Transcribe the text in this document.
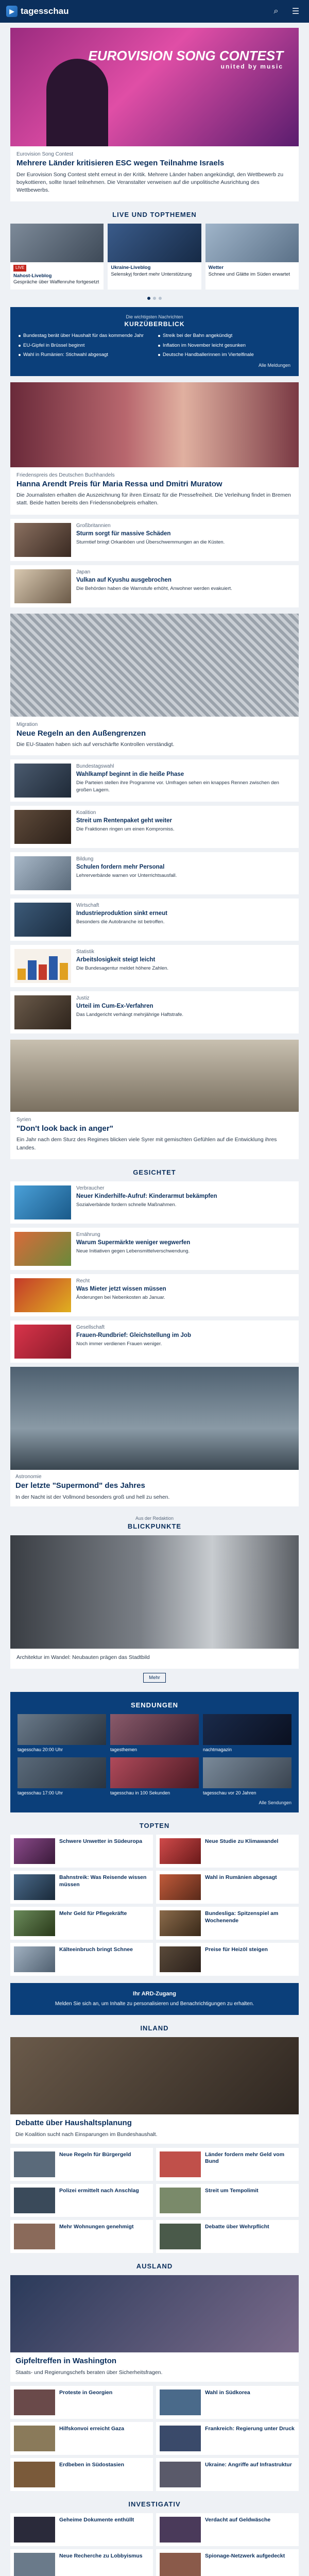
▶ tagesschau	⌕	☰
EUROVISION SONG CONTEST
united by music
Eurovision Song Contest
Mehrere Länder kritisieren ESC wegen Teilnahme Israels

Der Eurovision Song Contest steht erneut in der Kritik. Mehrere Länder haben angekündigt, den Wettbewerb zu boykottieren, sollte Israel teilnehmen. Die Veranstalter verweisen auf die unpolitische Ausrichtung des Wettbewerbs.

LIVE UND TOPTHEMEN
LIVE
Nahost-Liveblog
Gespräche über Waffenruhe fortgesetzt
Ukraine-Liveblog
Selenskyj fordert mehr Unterstützung
Wetter
Schnee und Glätte im Süden erwartet
Die wichtigsten Nachrichten
KURZÜBERBLICK
Bundestag berät über Haushalt für das kommende Jahr	Streik bei der Bahn angekündigt
EU-Gipfel in Brüssel beginnt	Inflation im November leicht gesunken
Wahl in Rumänien: Stichwahl abgesagt	Deutsche Handballerinnen im Viertelfinale
Alle Meldungen
Friedenspreis des Deutschen Buchhandels
Hanna Arendt Preis für Maria Ressa und Dmitri Muratow

Die Journalisten erhalten die Auszeichnung für ihren Einsatz für die Pressefreiheit. Die Verleihung findet in Bremen statt. Beide hatten bereits den Friedensnobelpreis erhalten.

Großbritannien
Sturm sorgt für massive Schäden
Sturmtief bringt Orkanböen und Überschwemmungen an die Küsten.
Japan
Vulkan auf Kyushu ausgebrochen
Die Behörden haben die Warnstufe erhöht, Anwohner werden evakuiert.
Migration
Neue Regeln an den Außengrenzen
Die EU-Staaten haben sich auf verschärfte Kontrollen verständigt.
Bundestagswahl
Wahlkampf beginnt in die heiße Phase
Die Parteien stellen ihre Programme vor. Umfragen sehen ein knappes Rennen zwischen den großen Lagern.
Koalition
Streit um Rentenpaket geht weiter
Die Fraktionen ringen um einen Kompromiss.
Bildung
Schulen fordern mehr Personal
Lehrerverbände warnen vor Unterrichtsausfall.
Wirtschaft
Industrieproduktion sinkt erneut
Besonders die Autobranche ist betroffen.
Statistik
Arbeitslosigkeit steigt leicht
Die Bundesagentur meldet höhere Zahlen.
Justiz
Urteil im Cum-Ex-Verfahren
Das Landgericht verhängt mehrjährige Haftstrafe.
Syrien
"Don't look back in anger"

Ein Jahr nach dem Sturz des Regimes blicken viele Syrer mit gemischten Gefühlen auf die Entwicklung ihres Landes.

GESICHTET
Verbraucher
Neuer Kinderhilfe-Aufruf: Kinderarmut bekämpfen
Sozialverbände fordern schnelle Maßnahmen.
Ernährung
Warum Supermärkte weniger wegwerfen
Neue Initiativen gegen Lebensmittelverschwendung.
Recht
Was Mieter jetzt wissen müssen
Änderungen bei Nebenkosten ab Januar.
Gesellschaft
Frauen-Rundbrief: Gleichstellung im Job
Noch immer verdienen Frauen weniger.
Astronomie
Der letzte "Supermond" des Jahres
In der Nacht ist der Vollmond besonders groß und hell zu sehen.
Aus der Redaktion
BLICKPUNKTE

Architektur im Wandel: Neubauten prägen das Stadtbild

Mehr
SENDUNGEN
tagesschau 20:00 Uhr	tagesthemen	nachtmagazin
tagesschau 17:00 Uhr	tagesschau in 100 Sekunden	tagesschau vor 20 Jahren
Alle Sendungen
TOPTEN
Schwere Unwetter in Südeuropa	Neue Studie zu Klimawandel
Bahnstreik: Was Reisende wissen müssen
Wahl in Rumänien abgesagt
Mehr Geld für Pflegekräfte	Bundesliga: Spitzenspiel am Wochenende
Kälteeinbruch bringt Schnee	Preise für Heizöl steigen
Ihr ARD-Zugang
Melden Sie sich an, um Inhalte zu personalisieren und Benachrichtigungen zu erhalten.
INLAND
Debatte über Haushaltsplanung
Die Koalition sucht nach Einsparungen im Bundeshaushalt.
Neue Regeln für Bürgergeld	Länder fordern mehr Geld vom Bund
Polizei ermittelt nach Anschlag	Streit um Tempolimit
Mehr Wohnungen genehmigt	Debatte über Wehrpflicht
AUSLAND
Gipfeltreffen in Washington
Staats- und Regierungschefs beraten über Sicherheitsfragen.
Proteste in Georgien	Wahl in Südkorea
Hilfskonvoi erreicht Gaza	Frankreich: Regierung unter Druck
Erdbeben in Südostasien	Ukraine: Angriffe auf Infrastruktur
INVESTIGATIV
Geheime Dokumente enthüllt	Verdacht auf Geldwäsche
Neue Recherche zu Lobbyismus	Spionage-Netzwerk aufgedeckt
